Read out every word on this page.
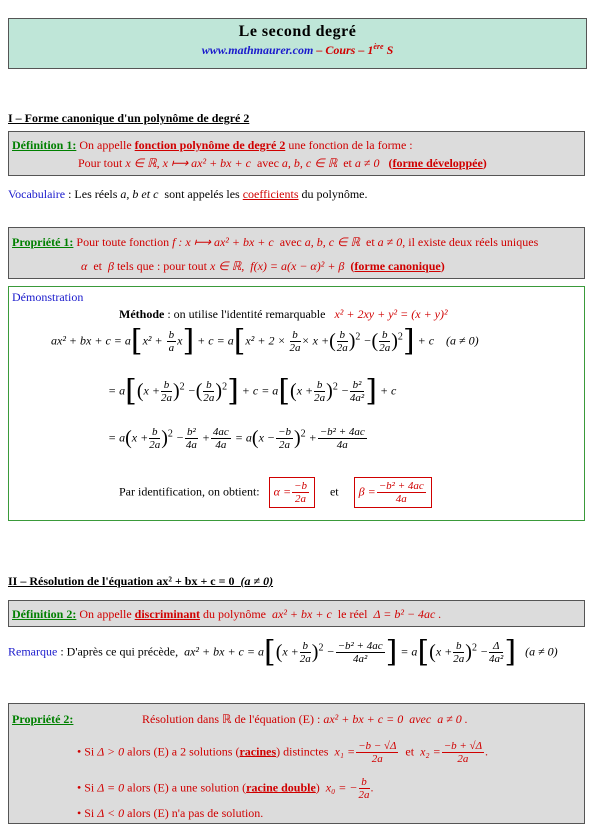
Le second degré
www.mathmaurer.com – Cours – 1ère S
I – Forme canonique d'un polynôme de degré 2
Définition 1: On appelle fonction polynôme de degré 2 une fonction de la forme :
Pour tout x ∈ ℝ, x ⟼ ax² + bx + c avec a, b, c ∈ ℝ et a ≠ 0 (forme développée)
Vocabulaire : Les réels a, b et c sont appelés les coefficients du polynôme.
Propriété 1: Pour toute fonction f : x ⟼ ax² + bx + c avec a, b, c ∈ ℝ et a ≠ 0, il existe deux réels uniques
α et β tels que : pour tout x ∈ ℝ, f(x) = a(x − α)² + β (forme canonique)
Démonstration
Méthode : on utilise l'identité remarquable x² + 2xy + y² = (x + y)²
ax² + bx + $c = a[x^2 + \frac{b}{a} x] + c = a[x^2 + 2 \times \frac{b}{2a} \times x$ +( $\frac{b}{2a} )^2$ −( $\frac{b}{2a} )^2] + c$ (a ≠ 0)
= $a[(x + \frac{b}{2a} )^2$ −( $\frac{b}{2a} )^2] + c = a[(x + \frac{b}{2a} )^2 - \frac{\text{b²}}{\text{4a²}}$ ] + c
= $a(x + \frac{b}{2a} )^2 - \frac{\text{b²}}{4a} + \frac{4ac}{4a} = a(x - \frac{-b}{2a} )^2 + \frac{\text{−b² + 4ac}}{4a}$
Par identification, on obtient: $\alpha = \frac{-b}{2a}$ et $\beta = \frac{\text{−b² + 4ac}}{4a}$
II – Résolution de l'équation ax² + bx + c = 0 (a ≠ 0)
Définition 2: On appelle discriminant du polynôme ax² + bx + c le réel Δ = b² − 4ac .
Remarque : D'après ce qui précède, ax² + bx + $c = a[(x + \frac{b}{2a} )^2 - \frac{\text{−b² + 4ac}}{\text{4a²}}$ ] = $a[(x + \frac{b}{2a} )^2 - \frac{\Delta}{\text{4a²}}$ ] (a ≠ 0)
Propriété 2:	Résolution dans ℝ de l'équation (E) : ax² + bx + c = 0 avec a ≠ 0 .
• Si Δ > 0 alors (E) a 2 solutions (racines) distinctes $x_1 = \frac{-b - √\Delta}{2a}$ et $x_2 = \frac{-b + √\Delta}{2a}$ .
• Si Δ = 0 alors (E) a une solution (racine double) x₀ = − $\frac{b}{2a}$ .
• Si Δ < 0 alors (E) n'a pas de solution.
